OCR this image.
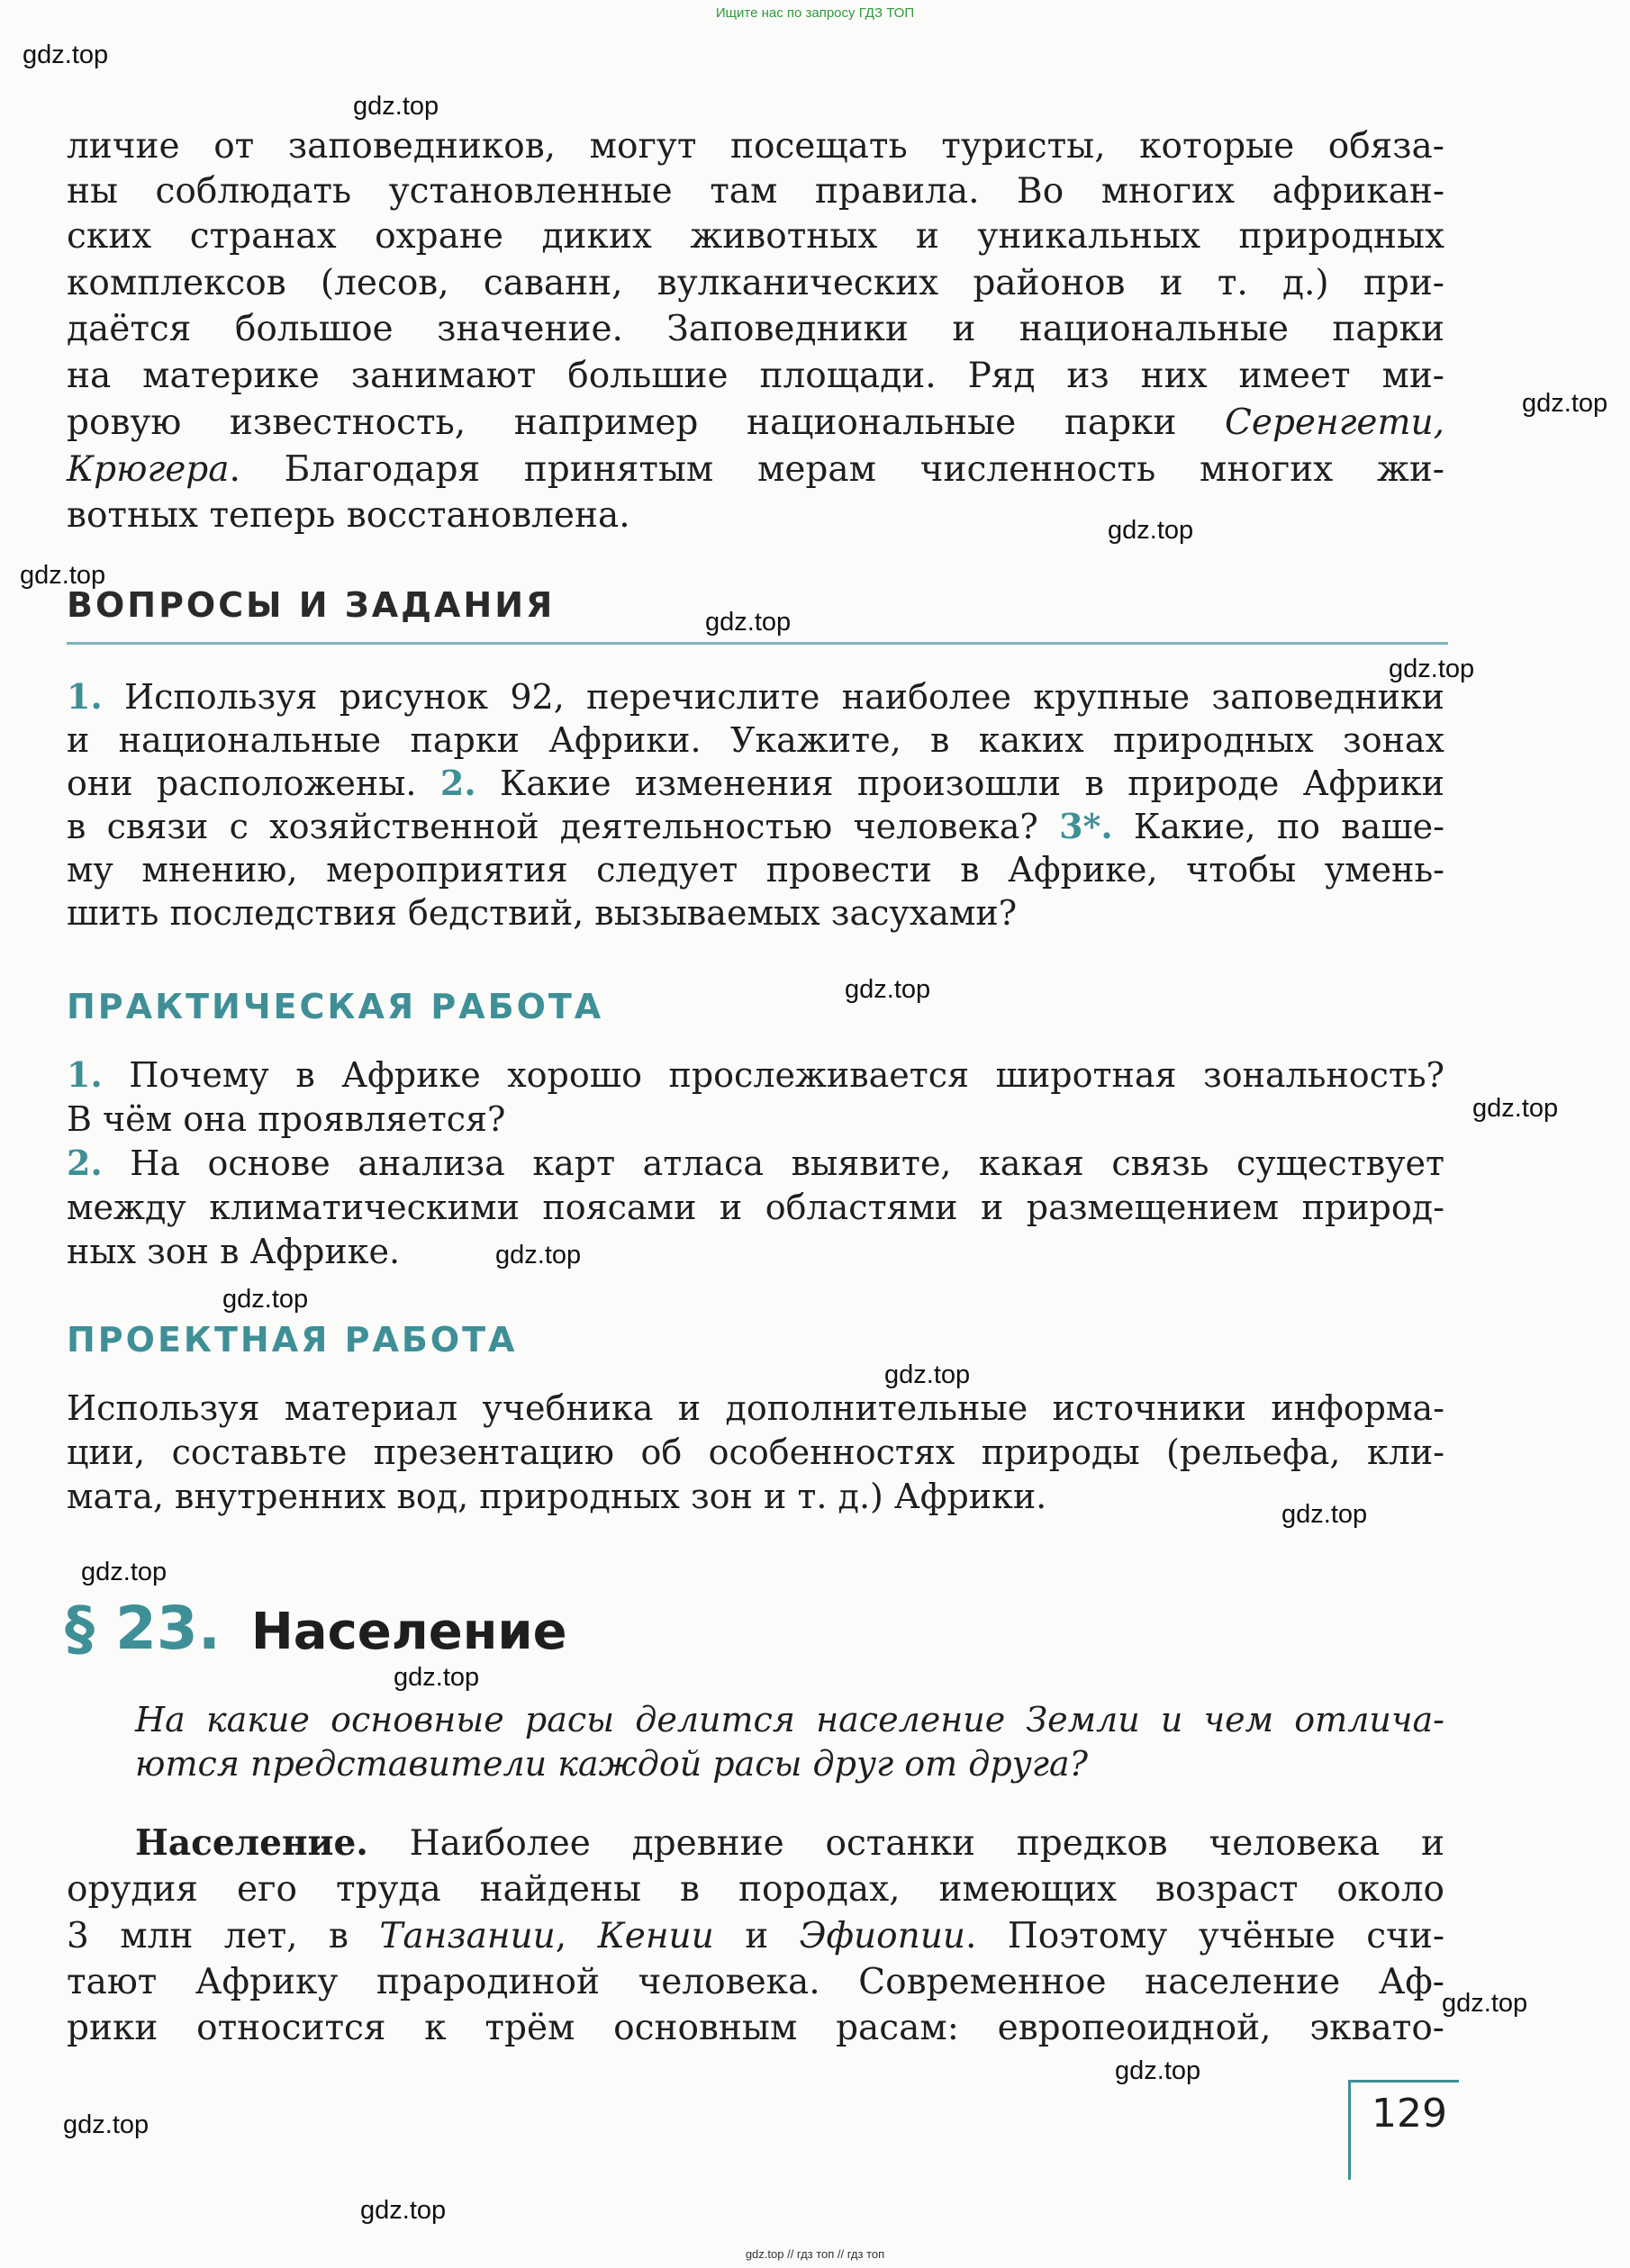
Ищите нас по запросу ГДЗ ТОП
gdz.top
gdz.top
gdz.top
gdz.top
gdz.top
gdz.top
gdz.top
gdz.top
gdz.top
gdz.top
gdz.top
gdz.top
gdz.top
gdz.top
gdz.top
gdz.top
gdz.top
gdz.top
gdz.top
личие от заповедников, могут посещать туристы, которые обяза-
ны соблюдать установленные там правила. Во многих африкан-
ских странах охране диких животных и уникальных природных
комплексов (лесов, саванн, вулканических районов и т. д.) при-
даётся большое значение. Заповедники и национальные парки
на материке занимают большие площади. Ряд из них имеет ми-
ровую известность, например национальные парки Серенгети,
Крюгера. Благодаря принятым мерам численность многих жи-
вотных теперь восстановлена.
ВОПРОСЫ И ЗАДАНИЯ
1. Используя рисунок 92, перечислите наиболее крупные заповедники
и национальные парки Африки. Укажите, в каких природных зонах
они расположены. 2. Какие изменения произошли в природе Африки
в связи с хозяйственной деятельностью человека? 3*. Какие, по ваше-
му мнению, мероприятия следует провести в Африке, чтобы умень-
шить последствия бедствий, вызываемых засухами?
ПРАКТИЧЕСКАЯ РАБОТА
1. Почему в Африке хорошо прослеживается широтная зональность?
В чём она проявляется?
2. На основе анализа карт атласа выявите, какая связь существует
между климатическими поясами и областями и размещением природ-
ных зон в Африке.
ПРОЕКТНАЯ РАБОТА
Используя материал учебника и дополнительные источники информа-
ции, составьте презентацию об особенностях природы (рельефа, кли-
мата, внутренних вод, природных зон и т. д.) Африки.
§ 23. Население
На какие основные расы делится население Земли и чем отлича-
ются представители каждой расы друг от друга?
Население. Наиболее древние останки предков человека и
орудия его труда найдены в породах, имеющих возраст около
3 млн лет, в Танзании, Кении и Эфиопии. Поэтому учёные счи-
тают Африку прародиной человека. Современное население Аф-
рики относится к трём основным расам: европеоидной, эквато-
129
gdz.top // гдз топ // гдз топ
